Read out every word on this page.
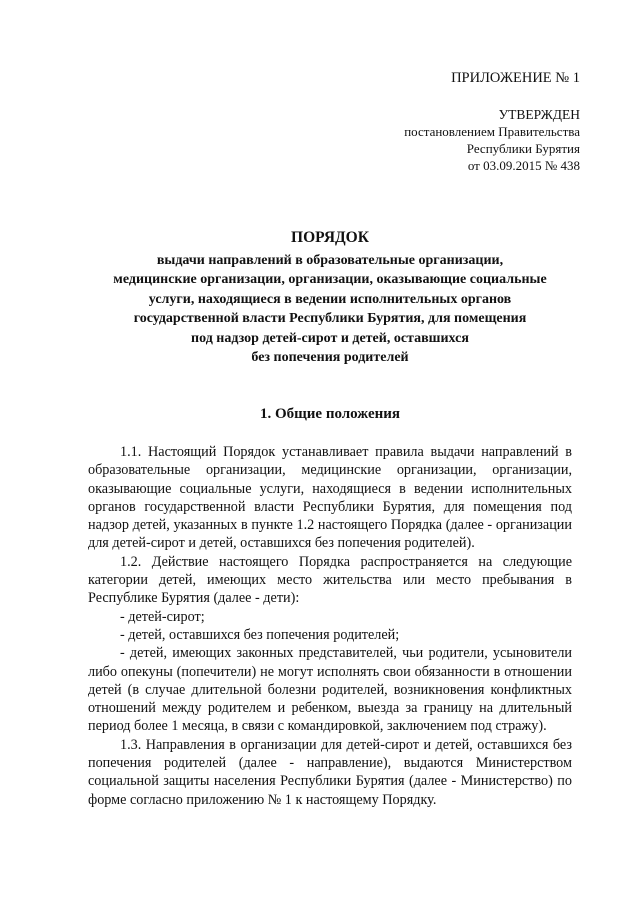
ПРИЛОЖЕНИЕ № 1
УТВЕРЖДЕН
постановлением Правительства
Республики Бурятия
от 03.09.2015 № 438
ПОРЯДОК
выдачи направлений в образовательные организации,
медицинские организации, организации, оказывающие социальные
услуги, находящиеся в ведении исполнительных органов
государственной власти Республики Бурятия, для помещения
под надзор детей-сирот и детей, оставшихся
без попечения родителей
1. Общие положения

1.1. Настоящий Порядок устанавливает правила выдачи направлений в образовательные организации, медицинские организации, организации, оказывающие социальные услуги, находящиеся в ведении исполнительных органов государственной власти Республики Бурятия, для помещения под надзор детей, указанных в пункте 1.2 настоящего Порядка (далее - организации для детей-сирот и детей, оставшихся без попечения родителей).

1.2. Действие настоящего Порядка распространяется на следующие категории детей, имеющих место жительства или место пребывания в Республике Бурятия (далее - дети):

- детей-сирот;

- детей, оставшихся без попечения родителей;

- детей, имеющих законных представителей, чьи родители, усыновители либо опекуны (попечители) не могут исполнять свои обязанности в отношении детей (в случае длительной болезни родителей, возникновения конфликтных отношений между родителем и ребенком, выезда за границу на длительный период более 1 месяца, в связи с командировкой, заключением под стражу).

1.3. Направления в организации для детей-сирот и детей, оставшихся без попечения родителей (далее - направление), выдаются Министерством социальной защиты населения Республики Бурятия (далее - Министерство) по форме согласно приложению № 1 к настоящему Порядку.
